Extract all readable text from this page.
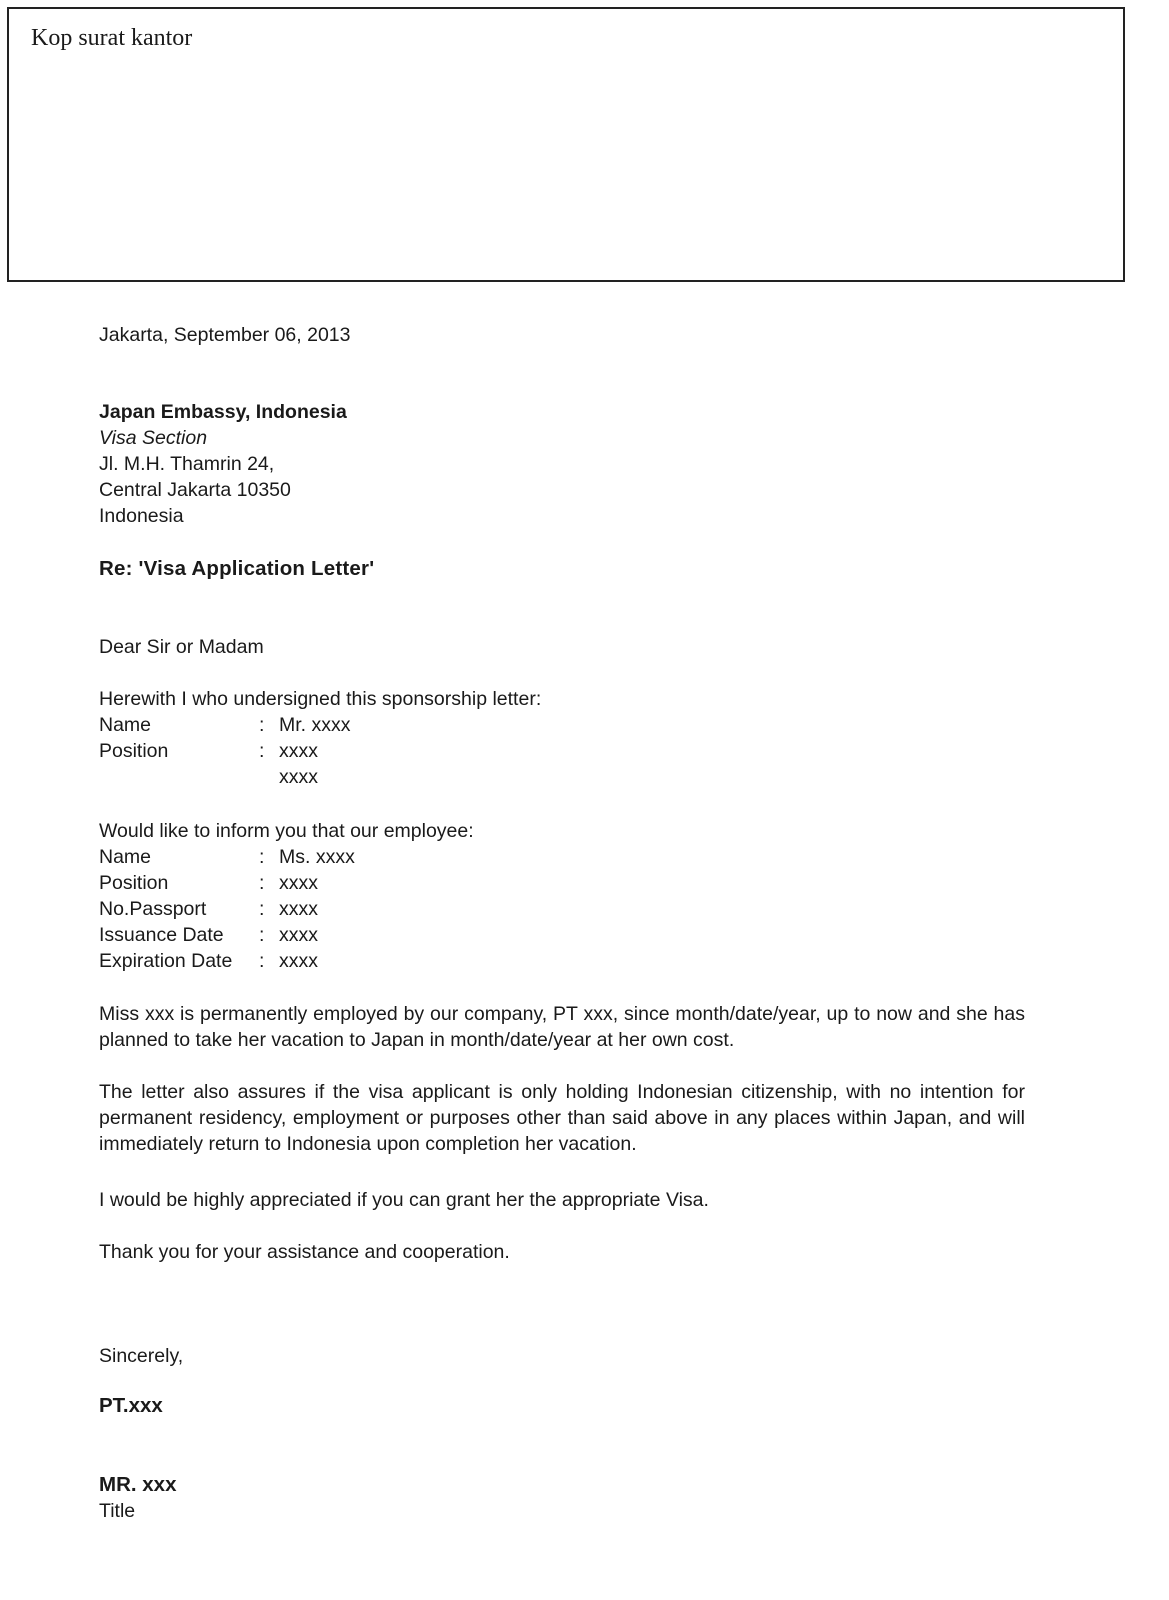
Kop surat kantor
Jakarta, September 06, 2013
Japan Embassy, Indonesia
Visa Section
Jl. M.H. Thamrin 24,
Central Jakarta 10350
Indonesia
Re: 'Visa Application Letter'
Dear Sir or Madam
Herewith I who undersigned this sponsorship letter:
Name	: Mr. xxxx
Position	: xxxx
xxxx
Would like to inform you that our employee:
Name	: Ms. xxxx
Position	: xxxx
No.Passport	: xxxx
Issuance Date	: xxxx
Expiration Date	: xxxx
Miss xxx is permanently employed by our company, PT xxx, since month/date/year, up to now and she has planned to take her vacation to Japan in month/date/year at her own cost.
The letter also assures if the visa applicant is only holding Indonesian citizenship, with no intention for permanent residency, employment or purposes other than said above in any places within Japan, and will immediately return to Indonesia upon completion her vacation.
I would be highly appreciated if you can grant her the appropriate Visa.
Thank you for your assistance and cooperation.
Sincerely,
PT.xxx
MR. xxx
Title
